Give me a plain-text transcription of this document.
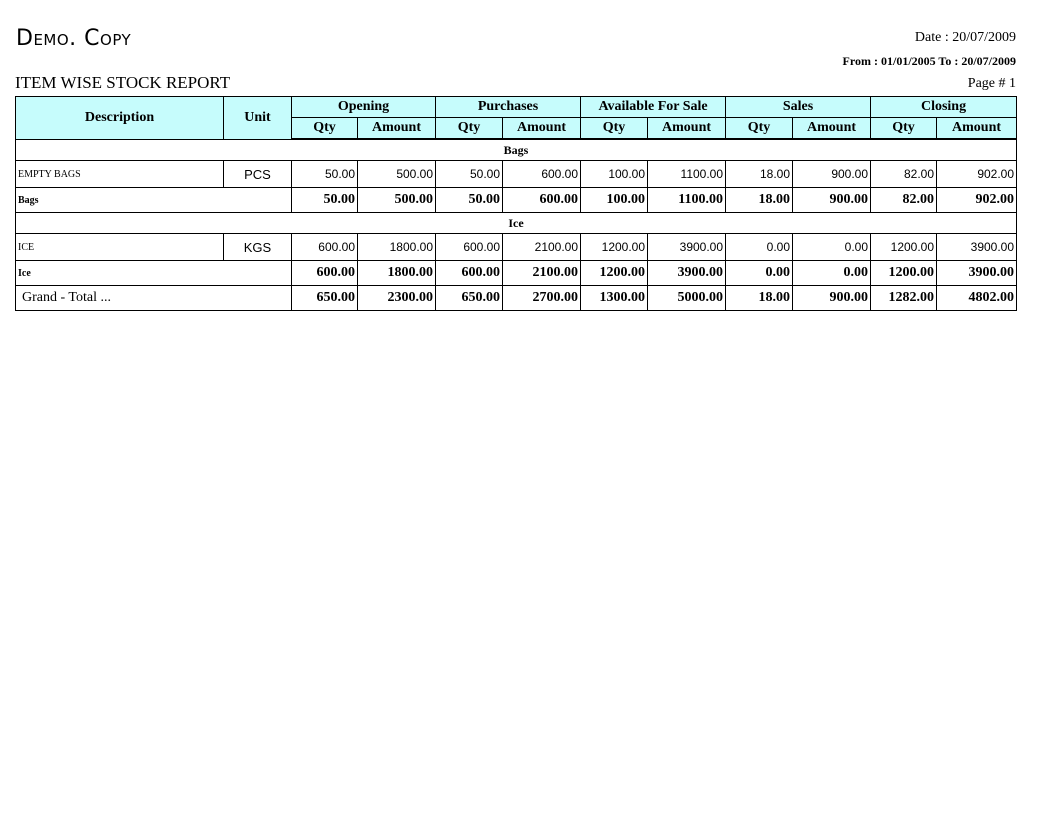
Demo. Copy	Date : 20/07/2009
From : 01/01/2005 To : 20/07/2009
ITEM WISE STOCK REPORT	Page # 1
Description	Unit	Opening		Purchases		Available For Sale		Sales		Closing	
		Qty	Amount	Qty	Amount	Qty	Amount	Qty	Amount	Qty	Amount
Bags											
EMPTY BAGS	PCS	50.00	500.00	50.00	600.00	100.00	1100.00	18.00	900.00	82.00	902.00
Bags		50.00	500.00	50.00	600.00	100.00	1100.00	18.00	900.00	82.00	902.00
Ice											
ICE	KGS	600.00	1800.00	600.00	2100.00	1200.00	3900.00	0.00	0.00	1200.00	3900.00
Ice		600.00	1800.00	600.00	2100.00	1200.00	3900.00	0.00	0.00	1200.00	3900.00
Grand - Total ...		650.00	2300.00	650.00	2700.00	1300.00	5000.00	18.00	900.00	1282.00	4802.00
